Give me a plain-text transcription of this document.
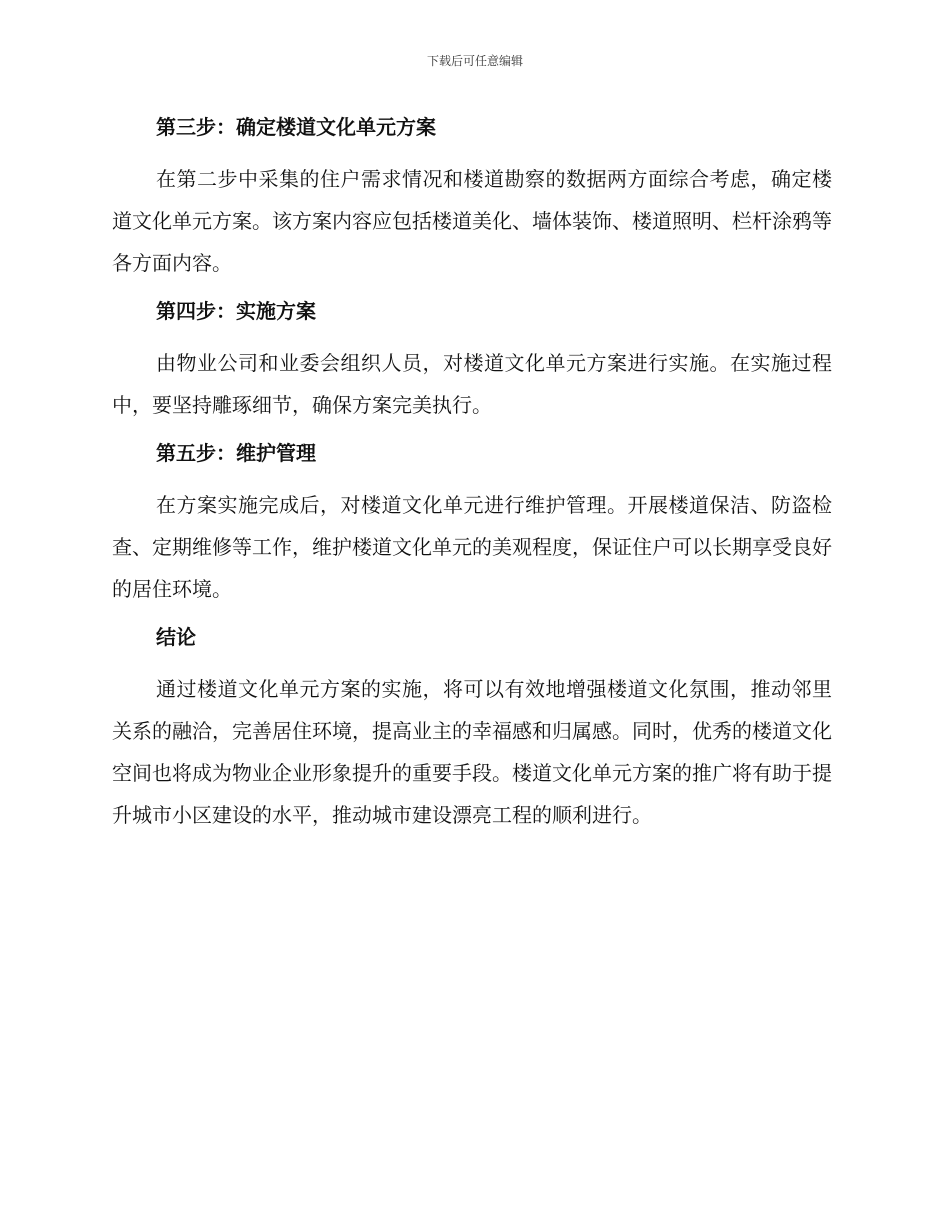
下载后可任意编辑
第三步：确定楼道文化单元方案

在第二步中采集的住户需求情况和楼道勘察的数据两方面综合考虑，确定楼道文化单元方案。该方案内容应包括楼道美化、墙体装饰、楼道照明、栏杆涂鸦等各方面内容。

第四步：实施方案

由物业公司和业委会组织人员，对楼道文化单元方案进行实施。在实施过程中，要坚持雕琢细节，确保方案完美执行。

第五步：维护管理

在方案实施完成后，对楼道文化单元进行维护管理。开展楼道保洁、防盗检查、定期维修等工作，维护楼道文化单元的美观程度，保证住户可以长期享受良好的居住环境。

结论

通过楼道文化单元方案的实施，将可以有效地增强楼道文化氛围，推动邻里关系的融洽，完善居住环境，提高业主的幸福感和归属感。同时，优秀的楼道文化空间也将成为物业企业形象提升的重要手段。楼道文化单元方案的推广将有助于提升城市小区建设的水平，推动城市建设漂亮工程的顺利进行。
